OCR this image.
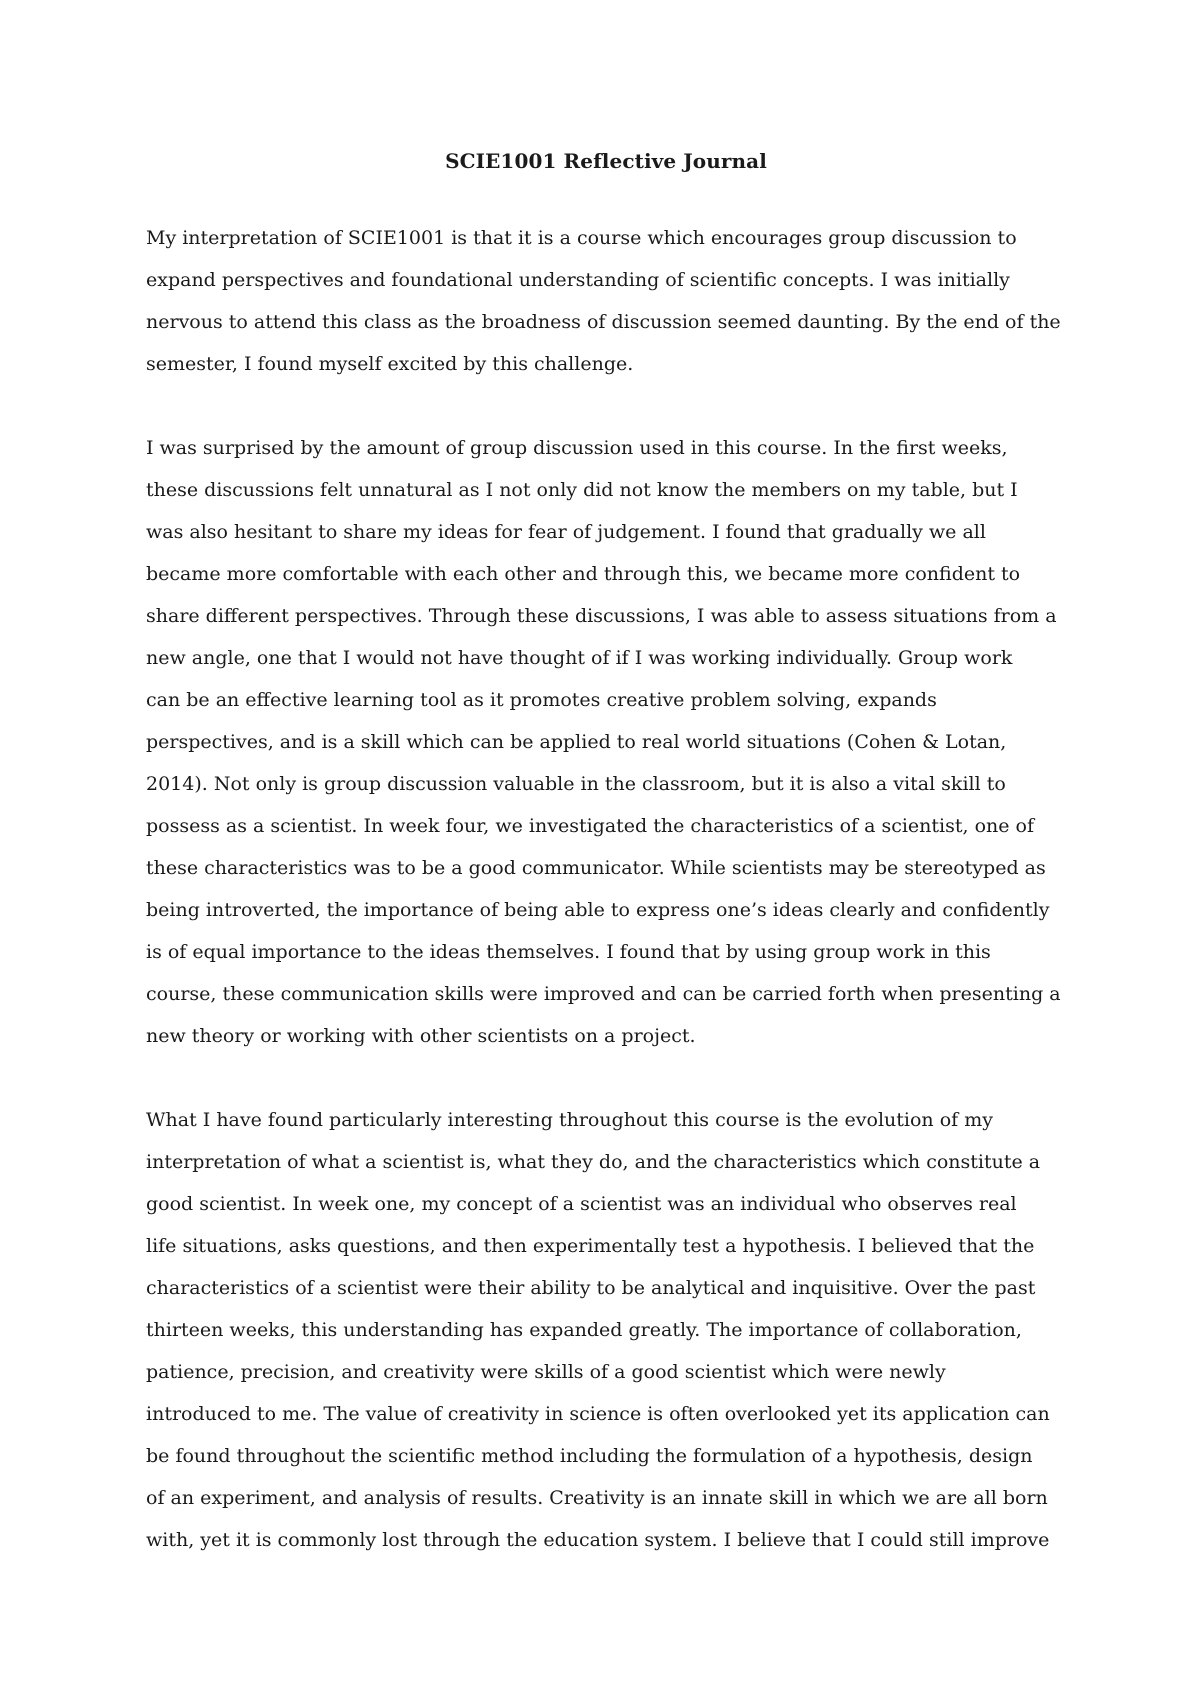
SCIE1001 Reflective Journal
My interpretation of SCIE1001 is that it is a course which encourages group discussion to
expand perspectives and foundational understanding of scientific concepts. I was initially
nervous to attend this class as the broadness of discussion seemed daunting. By the end of the
semester, I found myself excited by this challenge.
I was surprised by the amount of group discussion used in this course. In the first weeks,
these discussions felt unnatural as I not only did not know the members on my table, but I
was also hesitant to share my ideas for fear of judgement. I found that gradually we all
became more comfortable with each other and through this, we became more confident to
share different perspectives. Through these discussions, I was able to assess situations from a
new angle, one that I would not have thought of if I was working individually. Group work
can be an effective learning tool as it promotes creative problem solving, expands
perspectives, and is a skill which can be applied to real world situations (Cohen & Lotan,
2014). Not only is group discussion valuable in the classroom, but it is also a vital skill to
possess as a scientist. In week four, we investigated the characteristics of a scientist, one of
these characteristics was to be a good communicator. While scientists may be stereotyped as
being introverted, the importance of being able to express one’s ideas clearly and confidently
is of equal importance to the ideas themselves. I found that by using group work in this
course, these communication skills were improved and can be carried forth when presenting a
new theory or working with other scientists on a project.
What I have found particularly interesting throughout this course is the evolution of my
interpretation of what a scientist is, what they do, and the characteristics which constitute a
good scientist. In week one, my concept of a scientist was an individual who observes real
life situations, asks questions, and then experimentally test a hypothesis. I believed that the
characteristics of a scientist were their ability to be analytical and inquisitive. Over the past
thirteen weeks, this understanding has expanded greatly. The importance of collaboration,
patience, precision, and creativity were skills of a good scientist which were newly
introduced to me. The value of creativity in science is often overlooked yet its application can
be found throughout the scientific method including the formulation of a hypothesis, design
of an experiment, and analysis of results. Creativity is an innate skill in which we are all born
with, yet it is commonly lost through the education system. I believe that I could still improve
